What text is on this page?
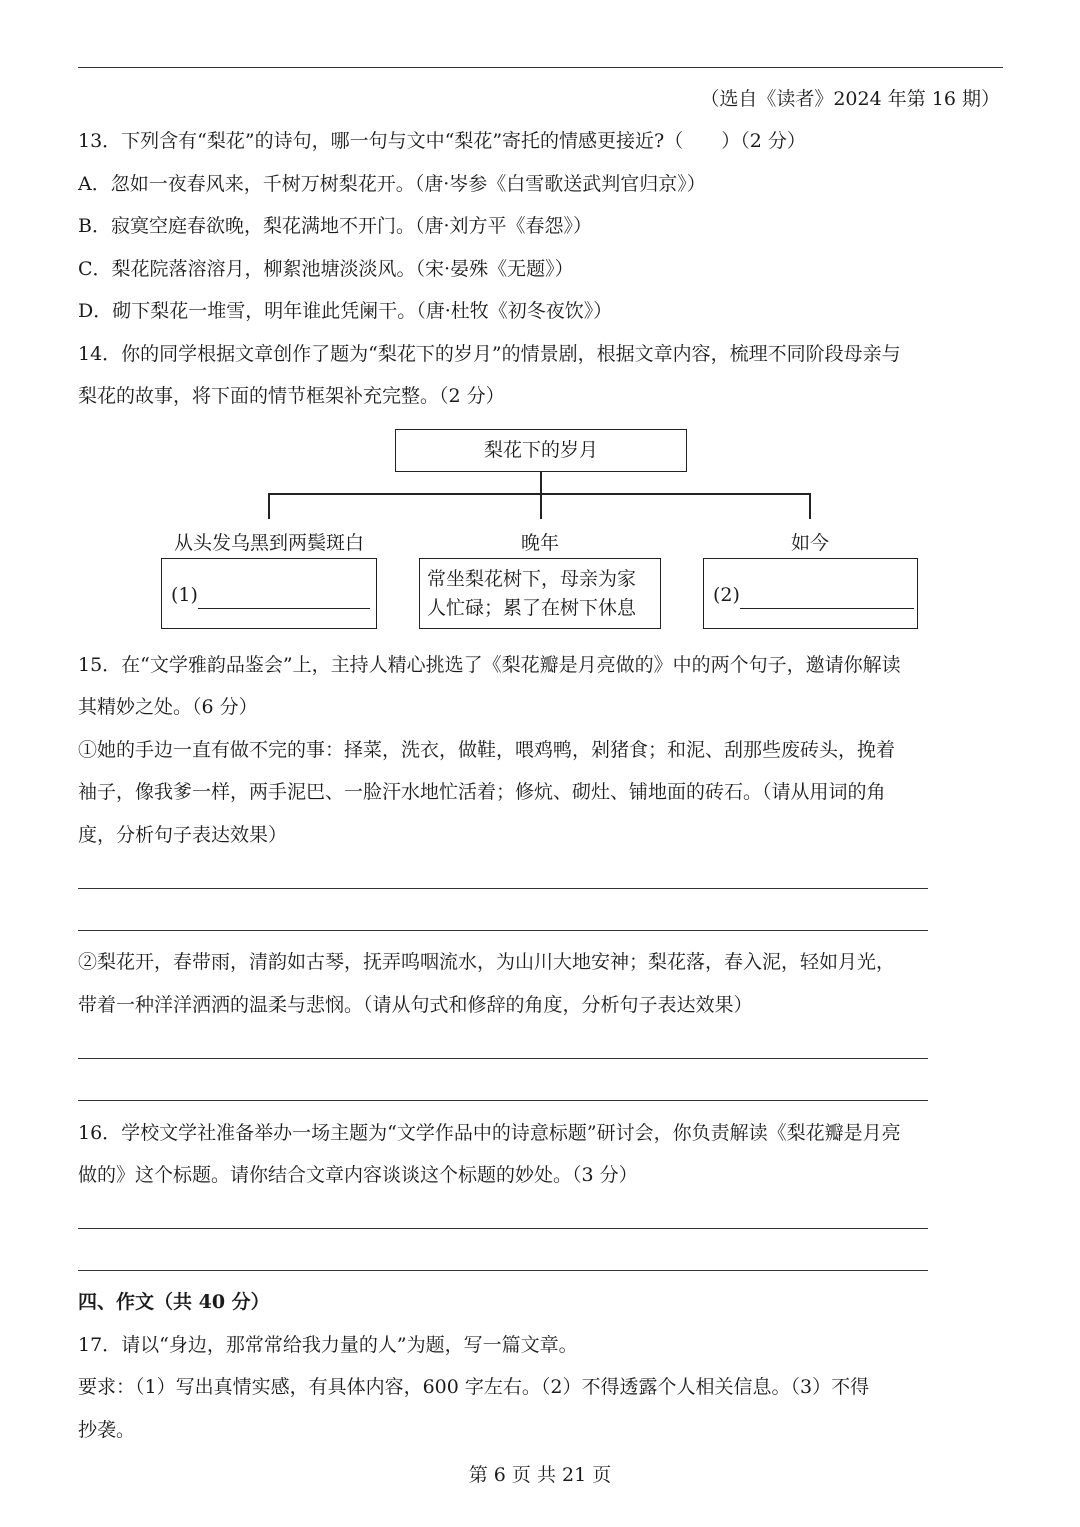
（选自《读者》2024 年第 16 期）
13．下列含有“梨花”的诗句，哪一句与文中“梨花”寄托的情感更接近?（　　）（2 分）
A．忽如一夜春风来，千树万树梨花开。（唐·岑参《白雪歌送武判官归京》）
B．寂寞空庭春欲晚，梨花满地不开门。（唐·刘方平《春怨》）
C．梨花院落溶溶月，柳絮池塘淡淡风。（宋·晏殊《无题》）
D．砌下梨花一堆雪，明年谁此凭阑干。（唐·杜牧《初冬夜饮》）
14．你的同学根据文章创作了题为“梨花下的岁月”的情景剧，根据文章内容，梳理不同阶段母亲与
梨花的故事，将下面的情节框架补充完整。（2 分）
梨花下的岁月
从头发乌黑到两鬓斑白	晚年	如今
(1)
常坐梨花树下，母亲为家
人忙碌；累了在树下休息
(2)
15．在“文学雅韵品鉴会”上，主持人精心挑选了《梨花瓣是月亮做的》中的两个句子，邀请你解读
其精妙之处。（6 分）
①她的手边一直有做不完的事：择菜，洗衣，做鞋，喂鸡鸭，剁猪食；和泥、刮那些废砖头，挽着
袖子，像我爹一样，两手泥巴、一脸汗水地忙活着；修炕、砌灶、铺地面的砖石。（请从用词的角
度，分析句子表达效果）
②梨花开，春带雨，清韵如古琴，抚弄呜咽流水，为山川大地安神；梨花落，春入泥，轻如月光，
带着一种洋洋洒洒的温柔与悲悯。（请从句式和修辞的角度，分析句子表达效果）
16．学校文学社准备举办一场主题为“文学作品中的诗意标题”研讨会，你负责解读《梨花瓣是月亮
做的》这个标题。请你结合文章内容谈谈这个标题的妙处。（3 分）
四、作文（共 40 分）
17．请以“身边，那常常给我力量的人”为题，写一篇文章。
要求：（1）写出真情实感，有具体内容，600 字左右。（2）不得透露个人相关信息。（3）不得
抄袭。
第 6 页 共 21 页
